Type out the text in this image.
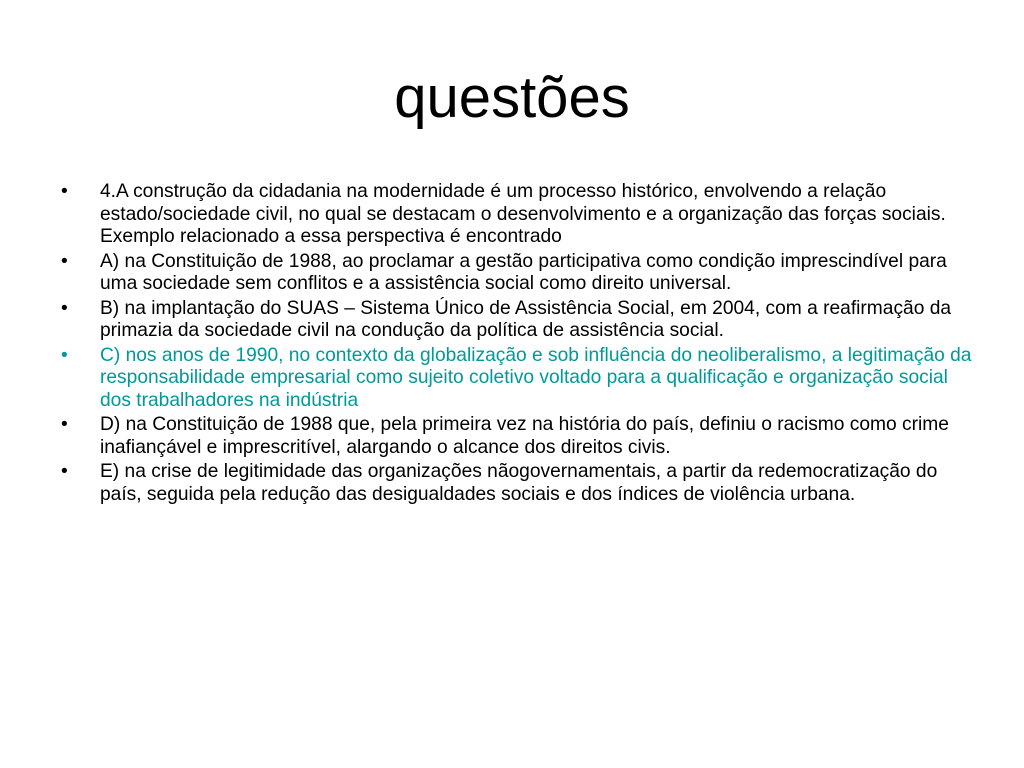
questões
• 4.A construção da cidadania na modernidade é um processo histórico, envolvendo a relação estado/sociedade civil, no qual se destacam o desenvolvimento e a organização das forças sociais. Exemplo relacionado a essa perspectiva é encontrado
• A) na Constituição de 1988, ao proclamar a gestão participativa como condição imprescindível para uma sociedade sem conflitos e a assistência social como direito universal.
• B) na implantação do SUAS – Sistema Único de Assistência Social, em 2004, com a reafirmação da primazia da sociedade civil na condução da política de assistência social.
• C) nos anos de 1990, no contexto da globalização e sob influência do neoliberalismo, a legitimação da responsabilidade empresarial como sujeito coletivo voltado para a qualificação e organização social dos trabalhadores na indústria
• D) na Constituição de 1988 que, pela primeira vez na história do país, definiu o racismo como crime inafiançável e imprescritível, alargando o alcance dos direitos civis.
• E) na crise de legitimidade das organizações nãogovernamentais, a partir da redemocratização do país, seguida pela redução das desigualdades sociais e dos índices de violência urbana.
